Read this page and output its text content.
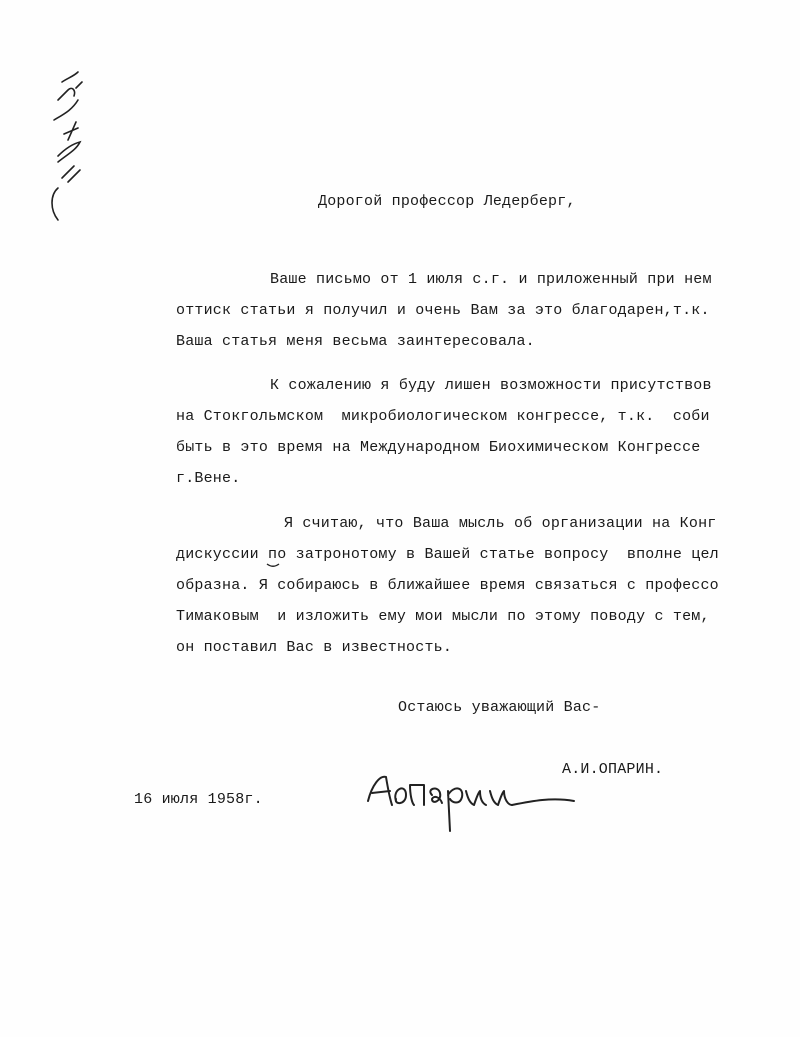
Дорогой профессор Ледерберг,
Ваше письмо от 1 июля с.г. и приложенный при нем
оттиск статьи я получил и очень Вам за это благодарен,т.к.
Ваша статья меня весьма заинтересовала.
К сожалению я буду лишен возможности присутствов
на Стокгольмском  микробиологическом конгрессе, т.к.  соби
быть в это время на Международном Биохимическом Конгрессе
г.Вене.
Я считаю, что Ваша мысль об организации на Конг
дискуссии по затронотому в Вашей статье вопросу  вполне цел
образна. Я собираюсь в ближайшее время связаться с профессо
Тимаковым  и изложить ему мои мысли по этому поводу с тем,
он поставил Вас в известность.
Остаюсь уважающий Вас-
А.И.ОПАРИН.
16 июля 1958г.
